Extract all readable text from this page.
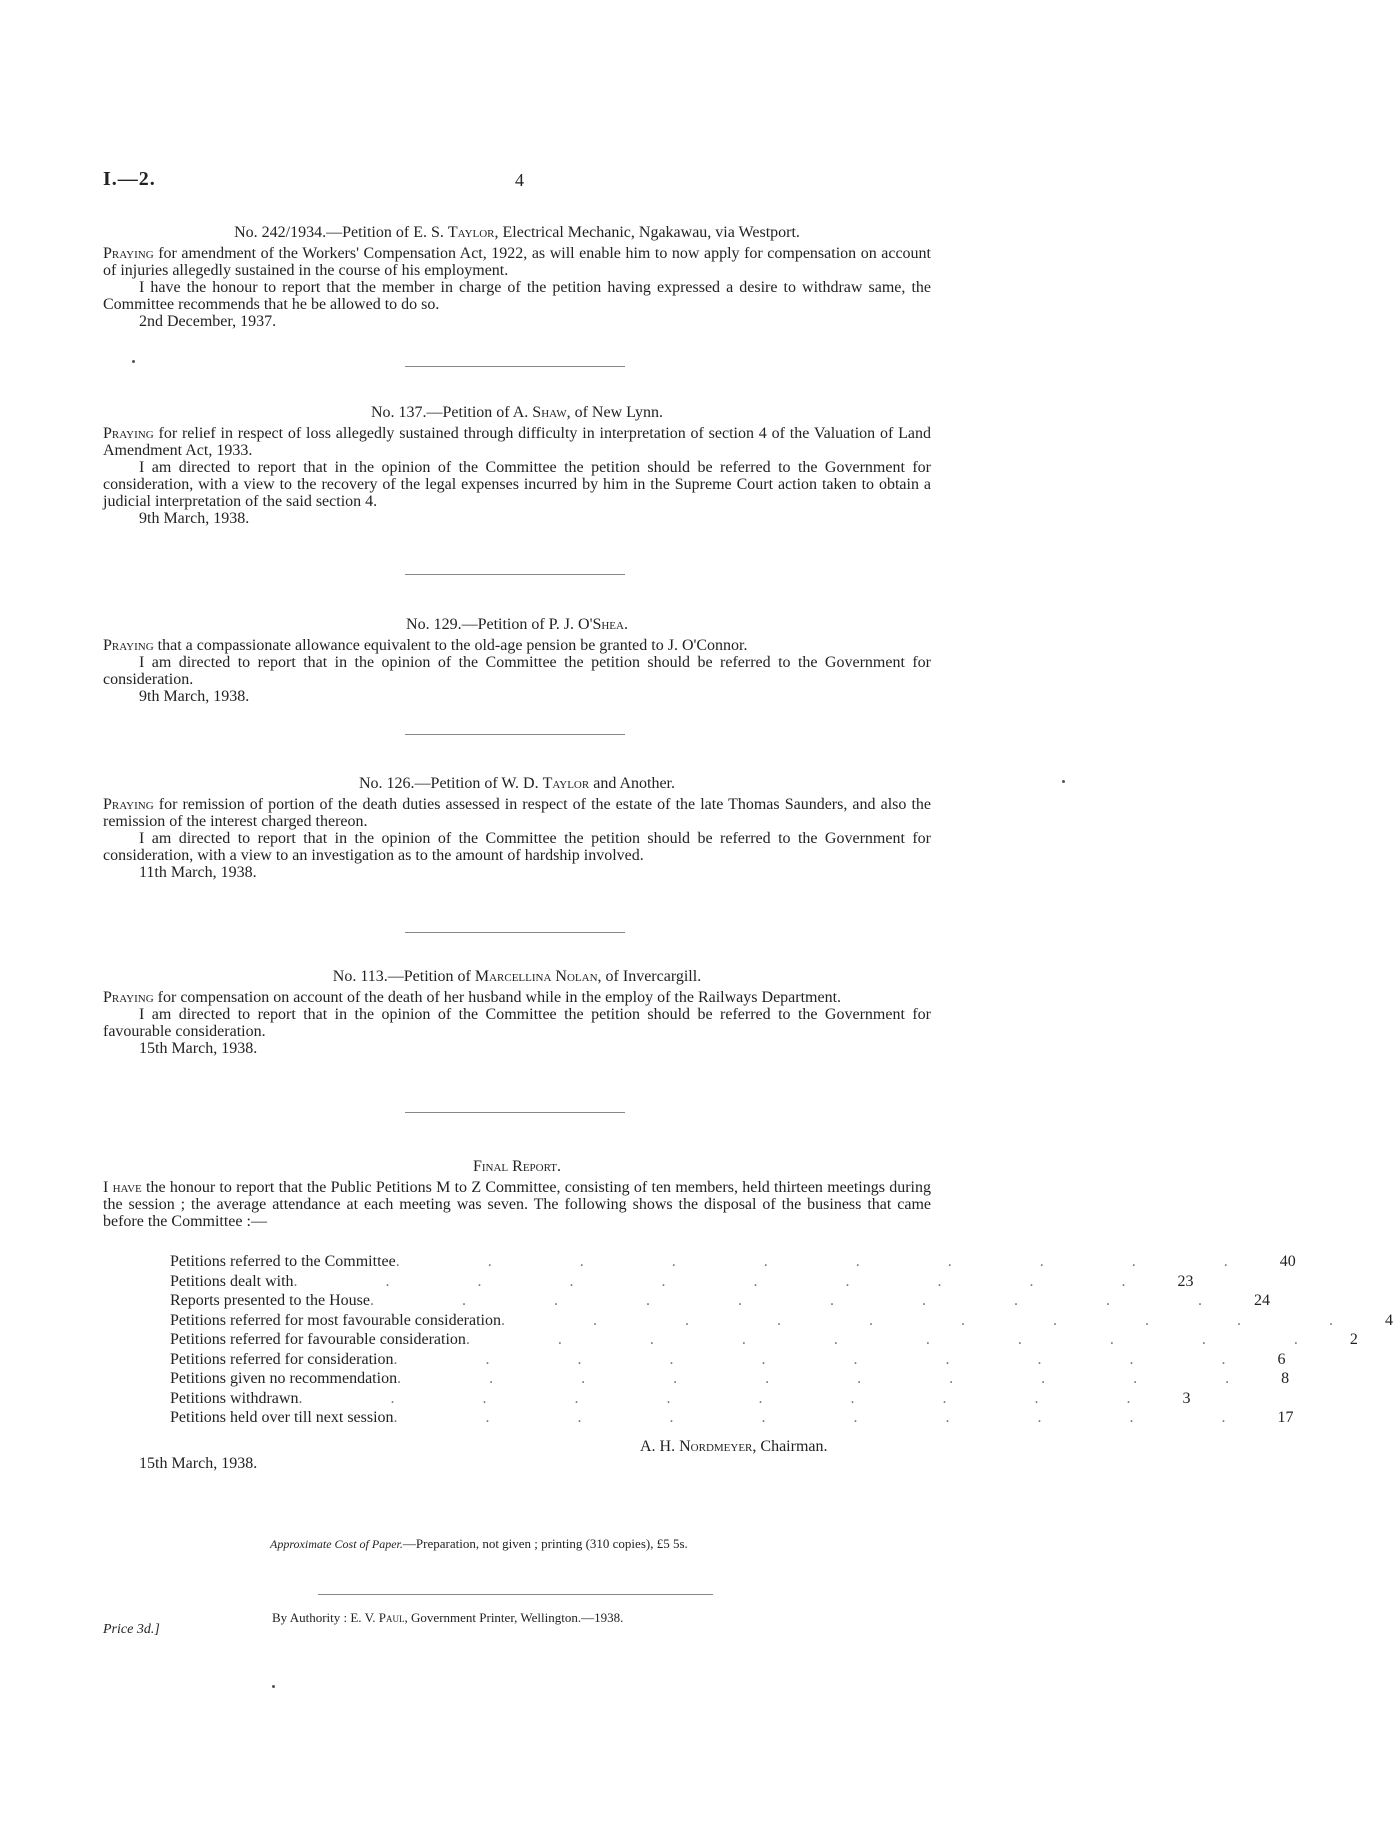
I.—2.	4
No. 242/1934.—Petition of E. S. Taylor, Electrical Mechanic, Ngakawau, via Westport.

Praying for amendment of the Workers' Compensation Act, 1922, as will enable him to now apply for compensation on account of injuries allegedly sustained in the course of his employment.

I have the honour to report that the member in charge of the petition having expressed a desire to withdraw same, the Committee recommends that he be allowed to do so.

2nd December, 1937.
No. 137.—Petition of A. Shaw, of New Lynn.

Praying for relief in respect of loss allegedly sustained through difficulty in interpretation of section 4 of the Valuation of Land Amendment Act, 1933.

I am directed to report that in the opinion of the Committee the petition should be referred to the Government for consideration, with a view to the recovery of the legal expenses incurred by him in the Supreme Court action taken to obtain a judicial interpretation of the said section 4.

9th March, 1938.
No. 129.—Petition of P. J. O'Shea.

Praying that a compassionate allowance equivalent to the old-age pension be granted to J. O'Connor.

I am directed to report that in the opinion of the Committee the petition should be referred to the Government for consideration.

9th March, 1938.
No. 126.—Petition of W. D. Taylor and Another.

Praying for remission of portion of the death duties assessed in respect of the estate of the late Thomas Saunders, and also the remission of the interest charged thereon.

I am directed to report that in the opinion of the Committee the petition should be referred to the Government for consideration, with a view to an investigation as to the amount of hardship involved.

11th March, 1938.
No. 113.—Petition of Marcellina Nolan, of Invercargill.

Praying for compensation on account of the death of her husband while in the employ of the Railways Department.

I am directed to report that in the opinion of the Committee the petition should be referred to the Government for favourable consideration.

15th March, 1938.
Final Report.

I have the honour to report that the Public Petitions M to Z Committee, consisting of ten members, held thirteen meetings during the session ; the average attendance at each meeting was seven. The following shows the disposal of the business that came before the Committee :—

Petitions referred to the Committee . . . . . . . . . . 40
Petitions dealt with . . . . . . . . . . 23
Reports presented to the House . . . . . . . . . . 24
Petitions referred for most favourable consideration . . . . . . . . . . 4
Petitions referred for favourable consideration . . . . . . . . . . 2
Petitions referred for consideration . . . . . . . . . . 6
Petitions given no recommendation . . . . . . . . . . 8
Petitions withdrawn . . . . . . . . . . 3
Petitions held over till next session . . . . . . . . . . 17
A. H. Nordmeyer, Chairman.
15th March, 1938.
Approximate Cost of Paper.—Preparation, not given ; printing (310 copies), £5 5s.
Price 3d.]
By Authority : E. V. Paul, Government Printer, Wellington.—1938.
